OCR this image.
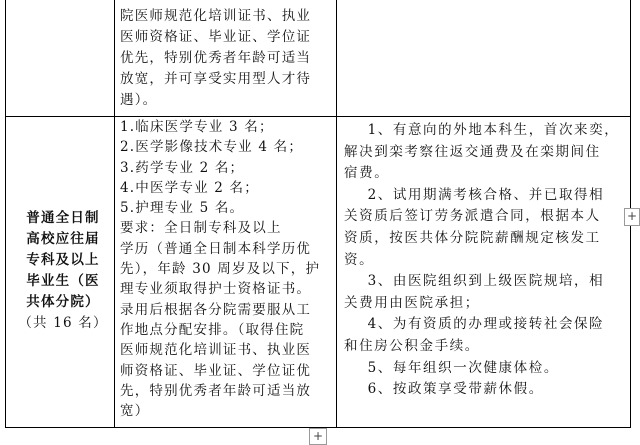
院医师规范化培训证书、执业
医师资格证、毕业证、学位证
优先，特别优秀者年龄可适当
放宽，并可享受实用型人才待
遇）。
普通全日制
高校应往届
专科及以上
毕业生（医
共体分院）
（共 16 名）
1.临床医学专业 3 名；
2.医学影像技术专业 4 名；
3.药学专业 2 名；
4.中医学专业 2 名；
5.护理专业 5 名。
要求：全日制专科及以上
学历（普通全日制本科学历优
先），年龄 30 周岁及以下，护
理专业须取得护士资格证书。
录用后根据各分院需要服从工
作地点分配安排。（取得住院
医师规范化培训证书、执业医
师资格证、毕业证、学位证优
先，特别优秀者年龄可适当放
宽）
1、有意向的外地本科生，首次来奕，
解决到栾考察往返交通费及在栾期间住
宿费。
2、试用期满考核合格、并已取得相
关资质后签订劳务派遣合同，根据本人
资质，按医共体分院院薪酬规定核发工
资。
3、由医院组织到上级医院规培，相
关费用由医院承担；
4、为有资质的办理或接转社会保险
和住房公积金手续。
5、每年组织一次健康体检。
6、按政策享受带薪休假。
+
+
